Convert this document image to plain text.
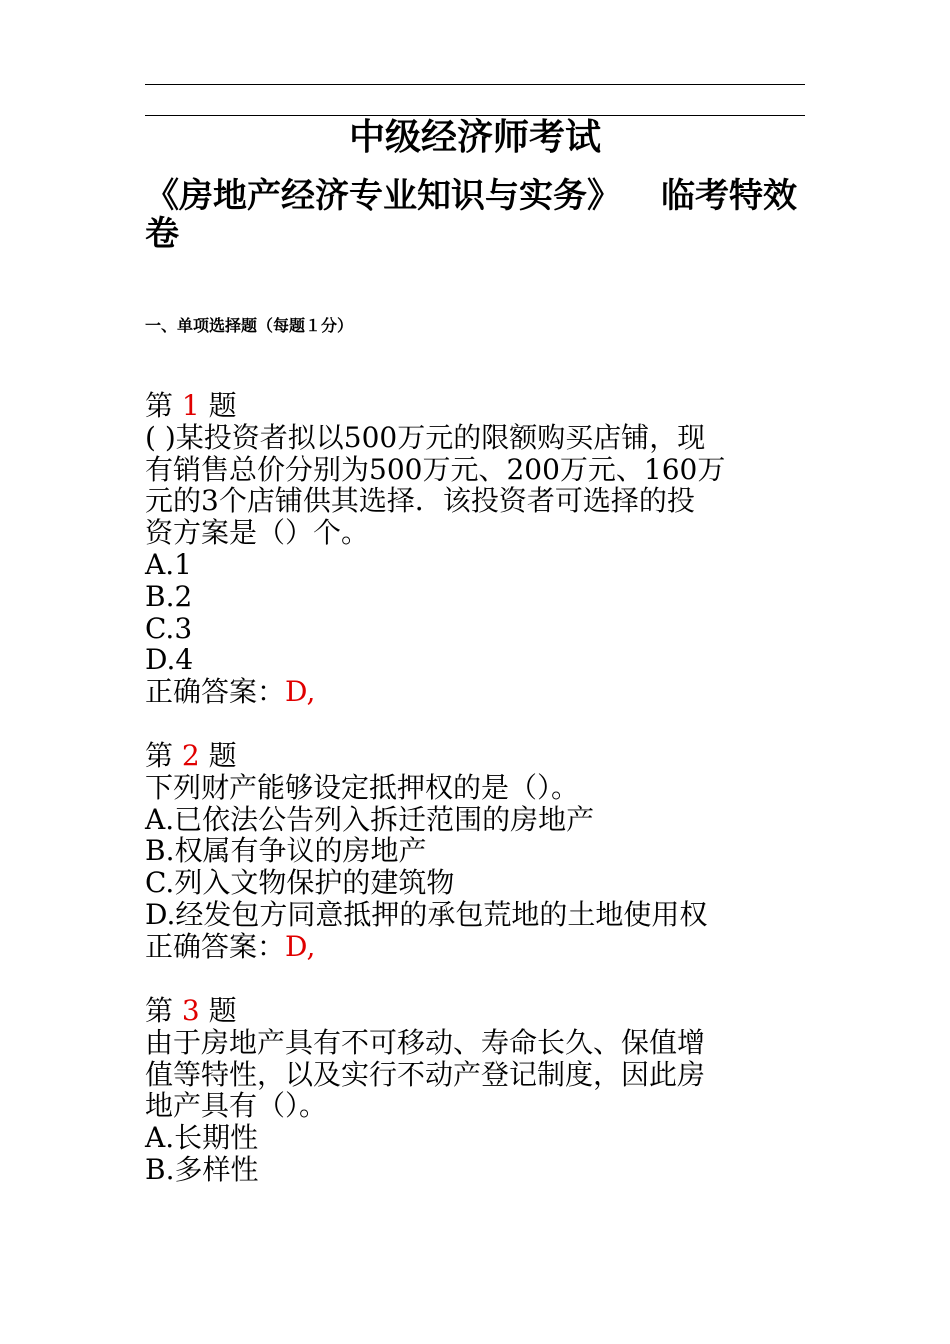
中级经济师考试
《房地产经济专业知识与实务》 临考特效卷
一、单项选择题（每题１分）

第 1 题

( )某投资者拟以500万元的限额购买店铺，现

有销售总价分别为500万元、200万元、160万

元的3个店铺供其选择．该投资者可选择的投

资方案是（）个。

A.1

B.2

C.3

D.4

正确答案：D,

第 2 题

下列财产能够设定抵押权的是（）。

A.已依法公告列入拆迁范围的房地产

B.权属有争议的房地产

C.列入文物保护的建筑物

D.经发包方同意抵押的承包荒地的土地使用权

正确答案：D,

第 3 题

由于房地产具有不可移动、寿命长久、保值增

值等特性，以及实行不动产登记制度，因此房

地产具有（）。

A.长期性

B.多样性
